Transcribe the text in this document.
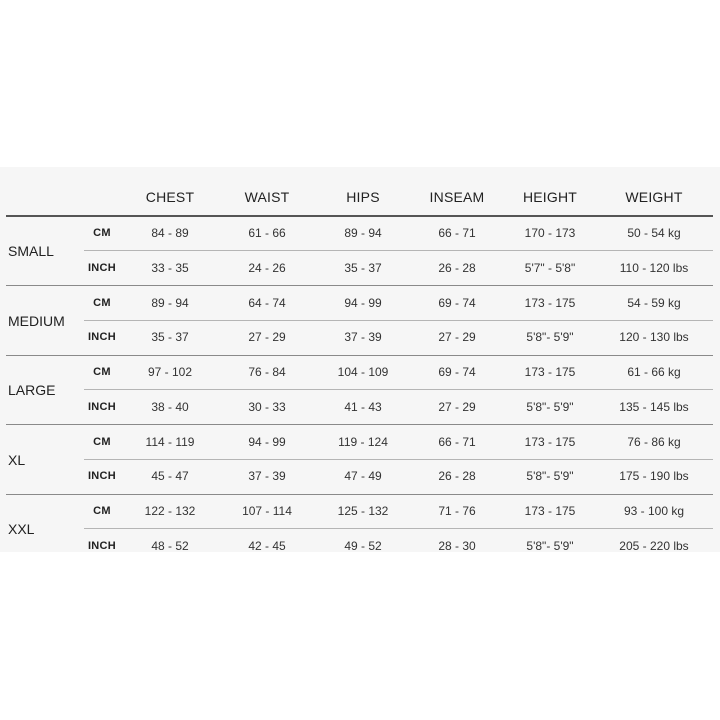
CHEST	WAIST	HIPS	INSEAM	HEIGHT	WEIGHT
SMALL
CM	84 - 89	61 - 66	89 - 94	66 - 71	170 - 173	50 - 54 kg
INCH	33 - 35	24 - 26	35 - 37	26 - 28	5'7" - 5'8"	110 - 120 lbs
MEDIUM
CM	89 - 94	64 - 74	94 - 99	69 - 74	173 - 175	54 - 59 kg
INCH	35 - 37	27 - 29	37 - 39	27 - 29	5'8"- 5'9"	120 - 130 lbs
LARGE
CM	97 - 102	76 - 84	104 - 109	69 - 74	173 - 175	61 - 66 kg
INCH	38 - 40	30 - 33	41 - 43	27 - 29	5'8"- 5'9"	135 - 145 lbs
XL
CM	114 - 119	94 - 99	119 - 124	66 - 71	173 - 175	76 - 86 kg
INCH	45 - 47	37 - 39	47 - 49	26 - 28	5'8"- 5'9"	175 - 190 lbs
XXL
CM	122 - 132	107 - 114	125 - 132	71 - 76	173 - 175	93 - 100 kg
INCH	48 - 52	42 - 45	49 - 52	28 - 30	5'8"- 5'9"	205 - 220 lbs
